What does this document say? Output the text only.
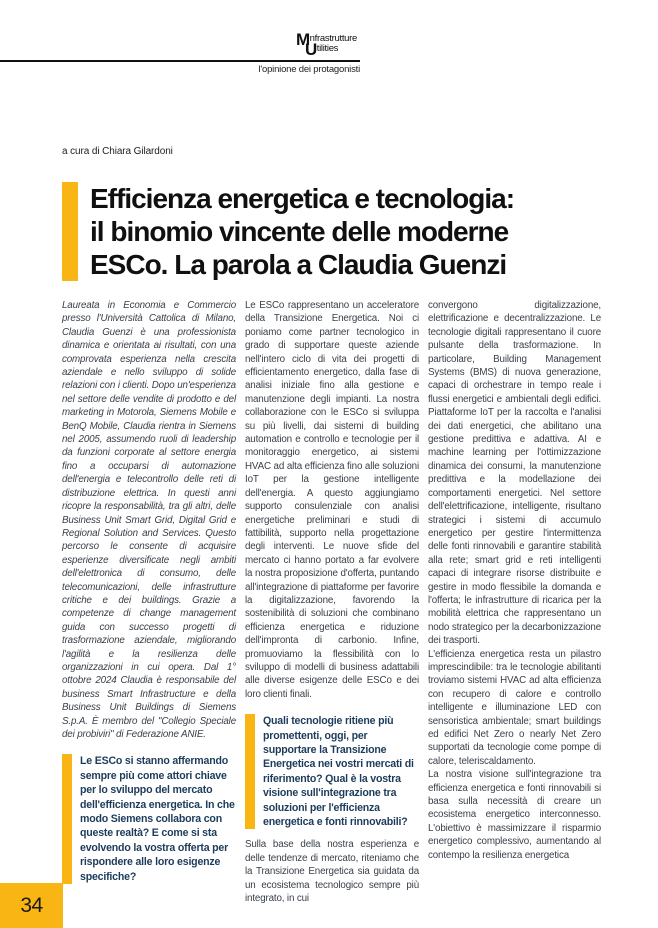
M nfrastrutture
U tilities
l'opinione dei protagonisti
a cura di Chiara Gilardoni
Efficienza energetica e tecnologia:
il binomio vincente delle moderne
ESCo. La parola a Claudia Guenzi

Laureata in Economia e Commercio presso l'Università Cattolica di Milano, Claudia Guenzi è una professionista dinamica e orientata ai risultati, con una comprovata esperienza nella crescita aziendale e nello sviluppo di solide relazioni con i clienti. Dopo un'esperienza nel settore delle vendite di prodotto e del marketing in Motorola, Siemens Mobile e BenQ Mobile, Claudia rientra in Siemens nel 2005, assumendo ruoli di leadership da funzioni corporate al settore energia fino a occuparsi di automazione dell'energia e telecontrollo delle reti di distribuzione elettrica. In questi anni ricopre la responsabilità, tra gli altri, delle Business Unit Smart Grid, Digital Grid e Regional Solution and Services. Questo percorso le consente di acquisire esperienze diversificate negli ambiti dell'elettronica di consumo, delle telecomunicazioni, delle infrastrutture critiche e dei buildings. Grazie a competenze di change management guida con successo progetti di trasformazione aziendale, migliorando l'agilità e la resilienza delle organizzazioni in cui opera. Dal 1° ottobre 2024 Claudia è responsabile del business Smart Infrastructure e della Business Unit Buildings di Siemens S.p.A. È membro del "Collegio Speciale dei probiviri" di Federazione ANIE.

Le ESCo si stanno affermando sempre più come attori chiave per lo sviluppo del mercato dell'efficienza energetica. In che modo Siemens collabora con queste realtà? E come si sta evolvendo la vostra offerta per rispondere alle loro esigenze specifiche?

Le ESCo rappresentano un acceleratore della Transizione Energetica. Noi ci poniamo come partner tecnologico in grado di supportare queste aziende nell'intero ciclo di vita dei progetti di efficientamento energetico, dalla fase di analisi iniziale fino alla gestione e manutenzione degli impianti. La nostra collaborazione con le ESCo si sviluppa su più livelli, dai sistemi di building automation e controllo e tecnologie per il monitoraggio energetico, ai sistemi HVAC ad alta efficienza fino alle soluzioni IoT per la gestione intelligente dell'energia. A questo aggiungiamo supporto consulenziale con analisi energetiche preliminari e studi di fattibilità, supporto nella progettazione degli interventi. Le nuove sfide del mercato ci hanno portato a far evolvere la nostra proposizione d'offerta, puntando all'integrazione di piattaforme per favorire la digitalizzazione, favorendo la sostenibilità di soluzioni che combinano efficienza energetica e riduzione dell'impronta di carbonio. Infine, promuoviamo la flessibilità con lo sviluppo di modelli di business adattabili alle diverse esigenze delle ESCo e dei loro clienti finali.

Quali tecnologie ritiene più promettenti, oggi, per supportare la Transizione Energetica nei vostri mercati di riferimento? Qual è la vostra visione sull'integrazione tra soluzioni per l'efficienza energetica e fonti rinnovabili?

Sulla base della nostra esperienza e delle tendenze di mercato, riteniamo che la Transizione Energetica sia guidata da un ecosistema tecnologico sempre più integrato, in cui

convergono digitalizzazione, elettrificazione e decentralizzazione. Le tecnologie digitali rappresentano il cuore pulsante della trasformazione. In particolare, Building Management Systems (BMS) di nuova generazione, capaci di orchestrare in tempo reale i flussi energetici e ambientali degli edifici. Piattaforme IoT per la raccolta e l'analisi dei dati energetici, che abilitano una gestione predittiva e adattiva. AI e machine learning per l'ottimizzazione dinamica dei consumi, la manutenzione predittiva e la modellazione dei comportamenti energetici. Nel settore dell'elettrificazione, intelligente, risultano strategici i sistemi di accumulo energetico per gestire l'intermittenza delle fonti rinnovabili e garantire stabilità alla rete; smart grid e reti intelligenti capaci di integrare risorse distribuite e gestire in modo flessibile la domanda e l'offerta; le infrastrutture di ricarica per la mobilità elettrica che rappresentano un nodo strategico per la decarbonizzazione dei trasporti.

L'efficienza energetica resta un pilastro imprescindibile: tra le tecnologie abilitanti troviamo sistemi HVAC ad alta efficienza con recupero di calore e controllo intelligente e illuminazione LED con sensoristica ambientale; smart buildings ed edifici Net Zero o nearly Net Zero supportati da tecnologie come pompe di calore, teleriscaldamento.

La nostra visione sull'integrazione tra efficienza energetica e fonti rinnovabili si basa sulla necessità di creare un ecosistema energetico interconnesso. L'obiettivo è massimizzare il risparmio energetico complessivo, aumentando al contempo la resilienza energetica

34
